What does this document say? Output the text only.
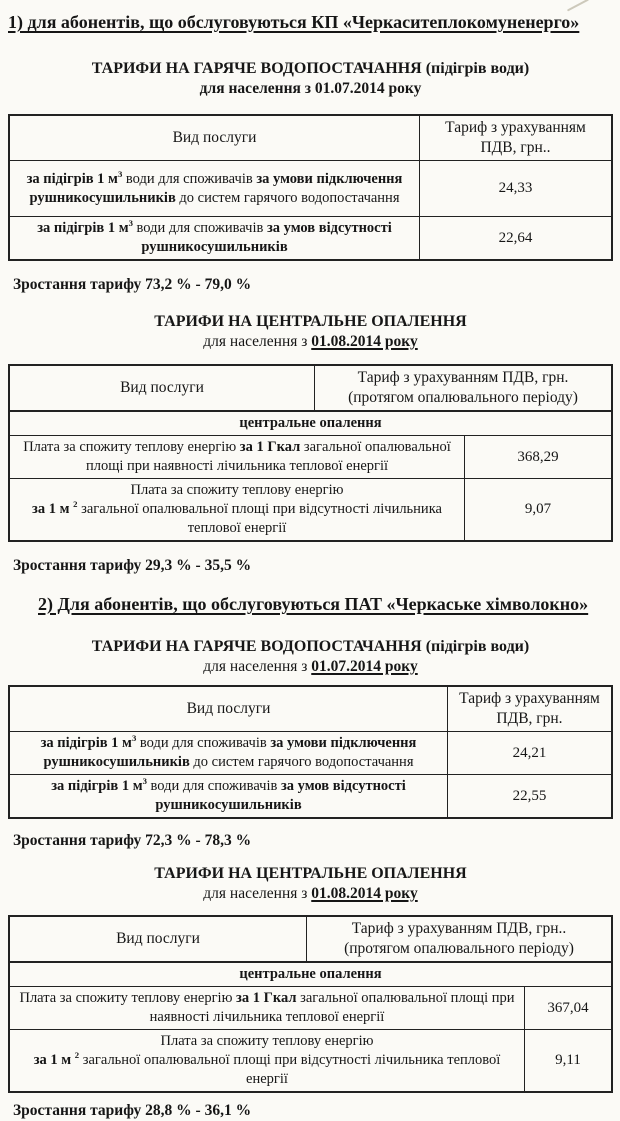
1) для абонентів, що обслуговуються КП «Черкаситеплокомуненерго»
ТАРИФИ НА ГАРЯЧЕ ВОДОПОСТАЧАННЯ (підігрів води)
для населення з 01.07.2014 року
Вид послуги
Тариф з урахуванням ПДВ, грн..
за підігрів 1 $м^3$ води для споживачів за умови підключення рушникосушильників до систем гарячого водопостачання
24,33
за підігрів 1 $м^3$ води для споживачів за умов відсутності рушникосушильників
22,64

Зростання тарифу 73,2 % - 79,0 %

ТАРИФИ НА ЦЕНТРАЛЬНЕ ОПАЛЕННЯ
для населення з 01.08.2014 року
Вид послуги
Тариф з урахуванням ПДВ, грн.
(протягом опалювального періоду)
центральне опалення
Плата за спожиту теплову енергію за 1 Гкал загальної опалювальної площі при наявності лічильника теплової енергії
368,29
Плата за спожиту теплову енергію
за 1 м $^2$ загальної опалювальної площі при відсутності лічильника теплової енергії
9,07

Зростання тарифу 29,3 % - 35,5 %

2) Для абонентів, що обслуговуються ПАТ «Черкаське хімволокно»
ТАРИФИ НА ГАРЯЧЕ ВОДОПОСТАЧАННЯ (підігрів води)
для населення з 01.07.2014 року
Вид послуги
Тариф з урахуванням ПДВ, грн.
за підігрів 1 $м^3$ води для споживачів за умови підключення рушникосушильників до систем гарячого водопостачання
24,21
за підігрів 1 $м^3$ води для споживачів за умов відсутності рушникосушильників
22,55

Зростання тарифу 72,3 % - 78,3 %

ТАРИФИ НА ЦЕНТРАЛЬНЕ ОПАЛЕННЯ
для населення з 01.08.2014 року
Вид послуги
Тариф з урахуванням ПДВ, грн..
(протягом опалювального періоду)
центральне опалення
Плата за спожиту теплову енергію за 1 Гкал загальної опалювальної площі при наявності лічильника теплової енергії
367,04
Плата за спожиту теплову енергію
за 1 м $^2$ загальної опалювальної площі при відсутності лічильника теплової енергії
9,11

Зростання тарифу 28,8 % - 36,1 %
